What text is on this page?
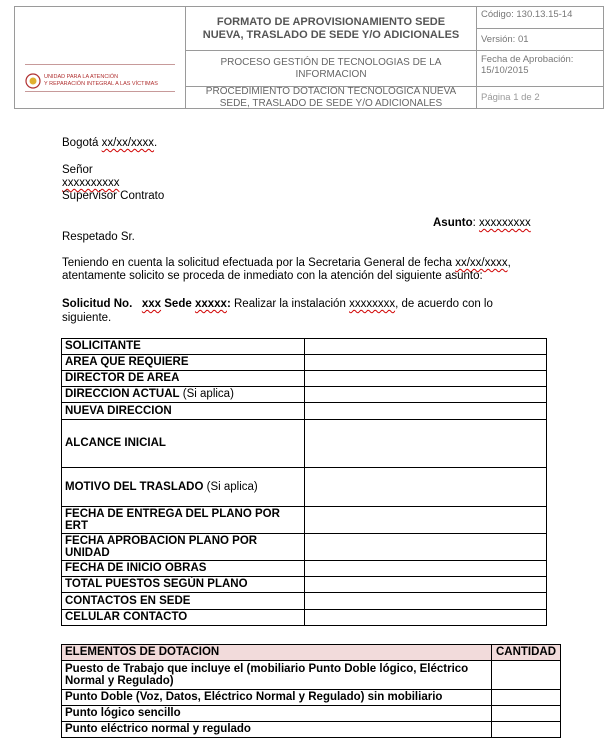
UNIDAD PARA LA ATENCIÓN
Y REPARACIÓN INTEGRAL A LAS VÍCTIMAS
FORMATO DE APROVISIONAMIENTO SEDE NUEVA, TRASLADO DE SEDE Y/O ADICIONALES
PROCESO GESTIÓN DE TECNOLOGIAS DE LA INFORMACION
PROCEDIMIENTO DOTACION TECNOLOGICA NUEVA SEDE, TRASLADO DE SEDE Y/O ADICIONALES
Código: 130.13.15-14
Versión: 01
Fecha de Aprobación:
15/10/2015
Página 1 de 2
Bogotá xx/xx/xxxx.
Señor
xxxxxxxxxx
Supervisor Contrato
Asunto: xxxxxxxxx
Respetado Sr.
Teniendo en cuenta la solicitud efectuada por la Secretaria General de fecha xx/xx/xxxx,
atentamente solicito se proceda de inmediato con la atención del siguiente asunto:
Solicitud No. xxx Sede xxxxx: Realizar la instalación xxxxxxxx, de acuerdo con lo
siguiente.
SOLICITANTE	
AREA QUE REQUIERE	
DIRECTOR DE AREA	
DIRECCION ACTUAL (Si aplica)	
NUEVA DIRECCION	
ALCANCE INICIAL	
MOTIVO DEL TRASLADO (Si aplica)	
FECHA DE ENTREGA DEL PLANO POR ERT	
FECHA APROBACION PLANO POR UNIDAD	
FECHA DE INICIO OBRAS	
TOTAL PUESTOS SEGÚN PLANO	
CONTACTOS EN SEDE	
CELULAR CONTACTO	
ELEMENTOS DE DOTACION	CANTIDAD
Puesto de Trabajo que incluye el (mobiliario Punto Doble lógico, Eléctrico Normal y Regulado)	
Punto Doble (Voz, Datos, Eléctrico Normal y Regulado) sin mobiliario	
Punto lógico sencillo	
Punto eléctrico normal y regulado	
